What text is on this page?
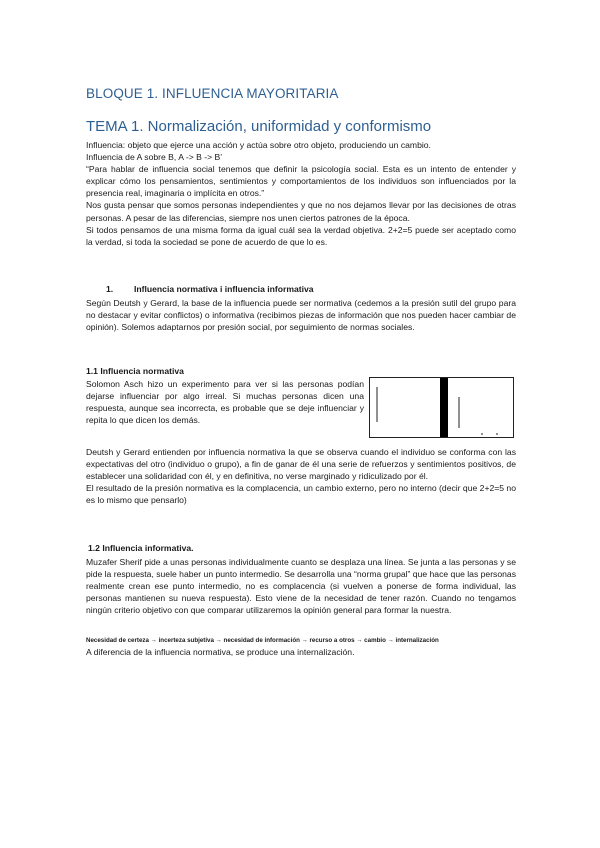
BLOQUE 1. INFLUENCIA MAYORITARIA
TEMA 1. Normalización, uniformidad y conformismo

Influencia: objeto que ejerce una acción y actúa sobre otro objeto, produciendo un cambio.

Influencia de A sobre B, A -> B -> B’

“Para hablar de influencia social tenemos que definir la psicología social. Esta es un intento de entender y explicar cómo los pensamientos, sentimientos y comportamientos de los individuos son influenciados por la presencia real, imaginaria o implícita en otros.”

Nos gusta pensar que somos personas independientes y que no nos dejamos llevar por las decisiones de otras personas. A pesar de las diferencias, siempre nos unen ciertos patrones de la época.

Si todos pensamos de una misma forma da igual cuál sea la verdad objetiva. 2+2=5 puede ser aceptado como la verdad, si toda la sociedad se pone de acuerdo de que lo es.

1. Influencia normativa i influencia informativa
Según Deutsh y Gerard, la base de la influencia puede ser normativa (cedemos a la presión sutil del grupo para no destacar y evitar conflictos) o informativa (recibimos piezas de información que nos pueden hacer cambiar de opinión). Solemos adaptarnos por presión social, por seguimiento de normas sociales.
1.1 Influencia normativa
Solomon Asch hizo un experimento para ver si las personas podían dejarse influenciar por algo irreal. Si muchas personas dicen una respuesta, aunque sea incorrecta, es probable que se deje influenciar y repita lo que dicen los demás.

Deutsh y Gerard entienden por influencia normativa la que se observa cuando el individuo se conforma con las expectativas del otro (individuo o grupo), a fin de ganar de él una serie de refuerzos y sentimientos positivos, de establecer una solidaridad con él, y en definitiva, no verse marginado y ridiculizado por él.

El resultado de la presión normativa es la complacencia, un cambio externo, pero no interno (decir que 2+2=5 no es lo mismo que pensarlo)

1.2 Influencia informativa.
Muzafer Sherif pide a unas personas individualmente cuanto se desplaza una línea. Se junta a las personas y se pide la respuesta, suele haber un punto intermedio. Se desarrolla una “norma grupal” que hace que las personas realmente crean ese punto intermedio, no es complacencia (si vuelven a ponerse de forma individual, las personas mantienen su nueva respuesta). Esto viene de la necesidad de tener razón. Cuando no tengamos ningún criterio objetivo con que comparar utilizaremos la opinión general para formar la nuestra.
Necesidad de certeza → incerteza subjetiva → necesidad de información → recurso a otros → cambio → internalización
A diferencia de la influencia normativa, se produce una internalización.
